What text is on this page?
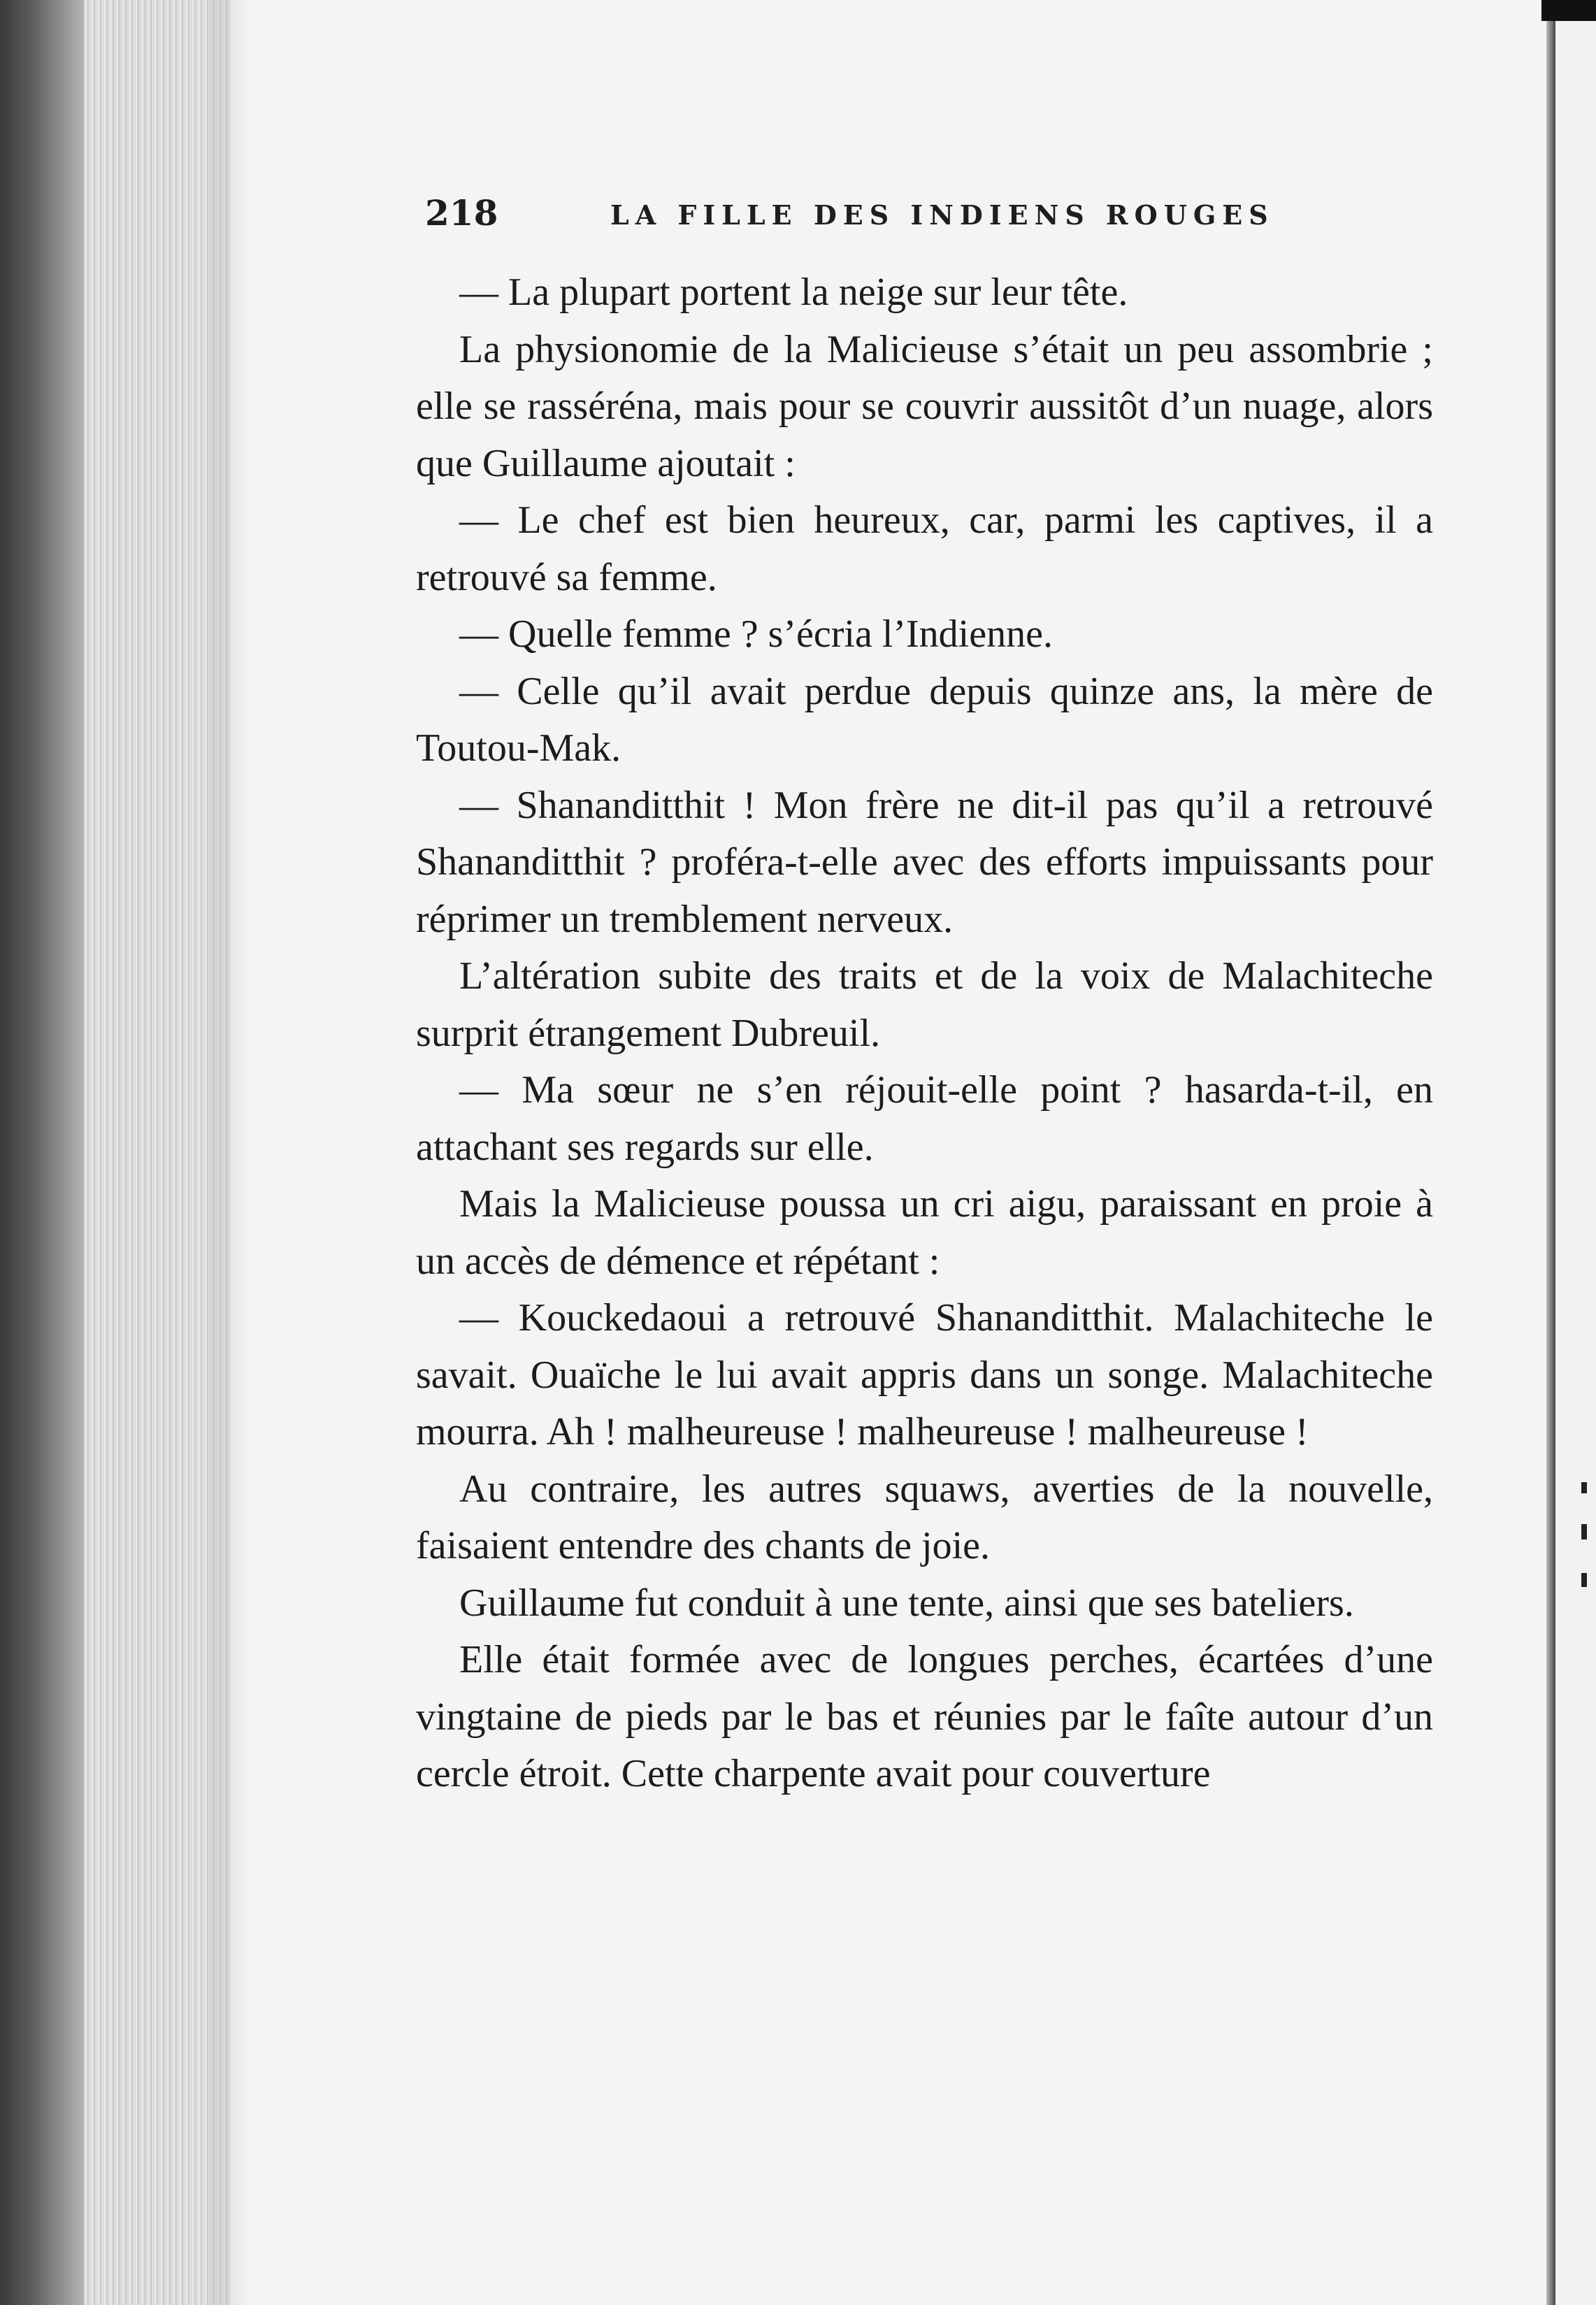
218	LA FILLE DES INDIENS ROUGES

— La plupart portent la neige sur leur tête.

La physionomie de la Malicieuse s’était un peu assombrie ; elle se rasséréna, mais pour se couvrir aussitôt d’un nuage, alors que Guillaume ajoutait :

— Le chef est bien heureux, car, parmi les captives, il a retrouvé sa femme.

— Quelle femme ? s’écria l’Indienne.

— Celle qu’il avait perdue depuis quinze ans, la mère de Toutou-Mak.

— Shananditthit ! Mon frère ne dit-il pas qu’il a retrouvé Shananditthit ? proféra-t-elle avec des efforts impuissants pour réprimer un tremblement nerveux.

L’altération subite des traits et de la voix de Malachiteche surprit étrangement Dubreuil.

— Ma sœur ne s’en réjouit-elle point ? hasarda-t-il, en attachant ses regards sur elle.

Mais la Malicieuse poussa un cri aigu, paraissant en proie à un accès de démence et répétant :

— Kouckedaoui a retrouvé Shananditthit. Malachiteche le savait. Ouaïche le lui avait appris dans un songe. Malachiteche mourra. Ah ! malheureuse ! malheureuse ! malheureuse !

Au contraire, les autres squaws, averties de la nouvelle, faisaient entendre des chants de joie.

Guillaume fut conduit à une tente, ainsi que ses bateliers.

Elle était formée avec de longues perches, écartées d’une vingtaine de pieds par le bas et réunies par le faîte autour d’un cercle étroit. Cette charpente avait pour couverture
